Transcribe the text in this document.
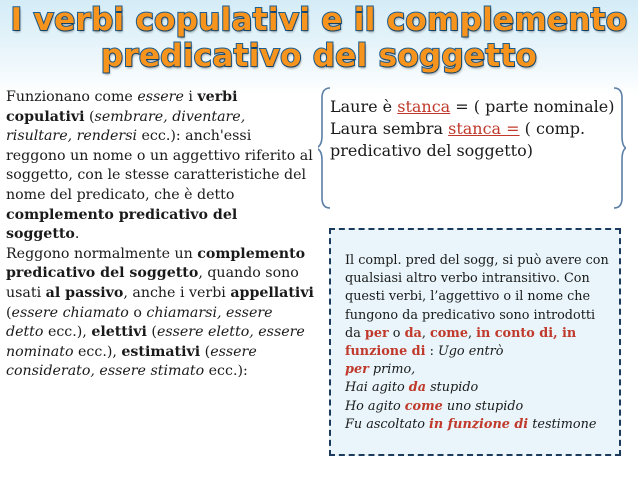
I verbi copulativi e il complemento
predicativo del soggetto

Funzionano come essere i verbi copulativi (sembrare, diventare, risultare, rendersi ecc.): anch'essi reggono un nome o un aggettivo riferito al soggetto, con le stesse caratteristiche del nome del predicato, che è detto complemento predicativo del soggetto.

Reggono normalmente un complemento predicativo del soggetto, quando sono usati al passivo, anche i verbi appellativi (essere chiamato o chiamarsi, essere detto ecc.), elettivi (essere eletto, essere nominato ecc.), estimativi (essere considerato, essere stimato ecc.):

Laure è stanca = ( parte nominale)

Laura sembra stanca = ( comp. predicativo del soggetto)

Il compl. pred del sogg, si può avere con qualsiasi altro verbo intransitivo. Con questi verbi, l’aggettivo o il nome che fungono da predicativo sono introdotti da per o da, come, in conto di, in funzione di : Ugo entrò

per primo,

Hai agito da stupido

Ho agito come uno stupido

Fu ascoltato in funzione di testimone
